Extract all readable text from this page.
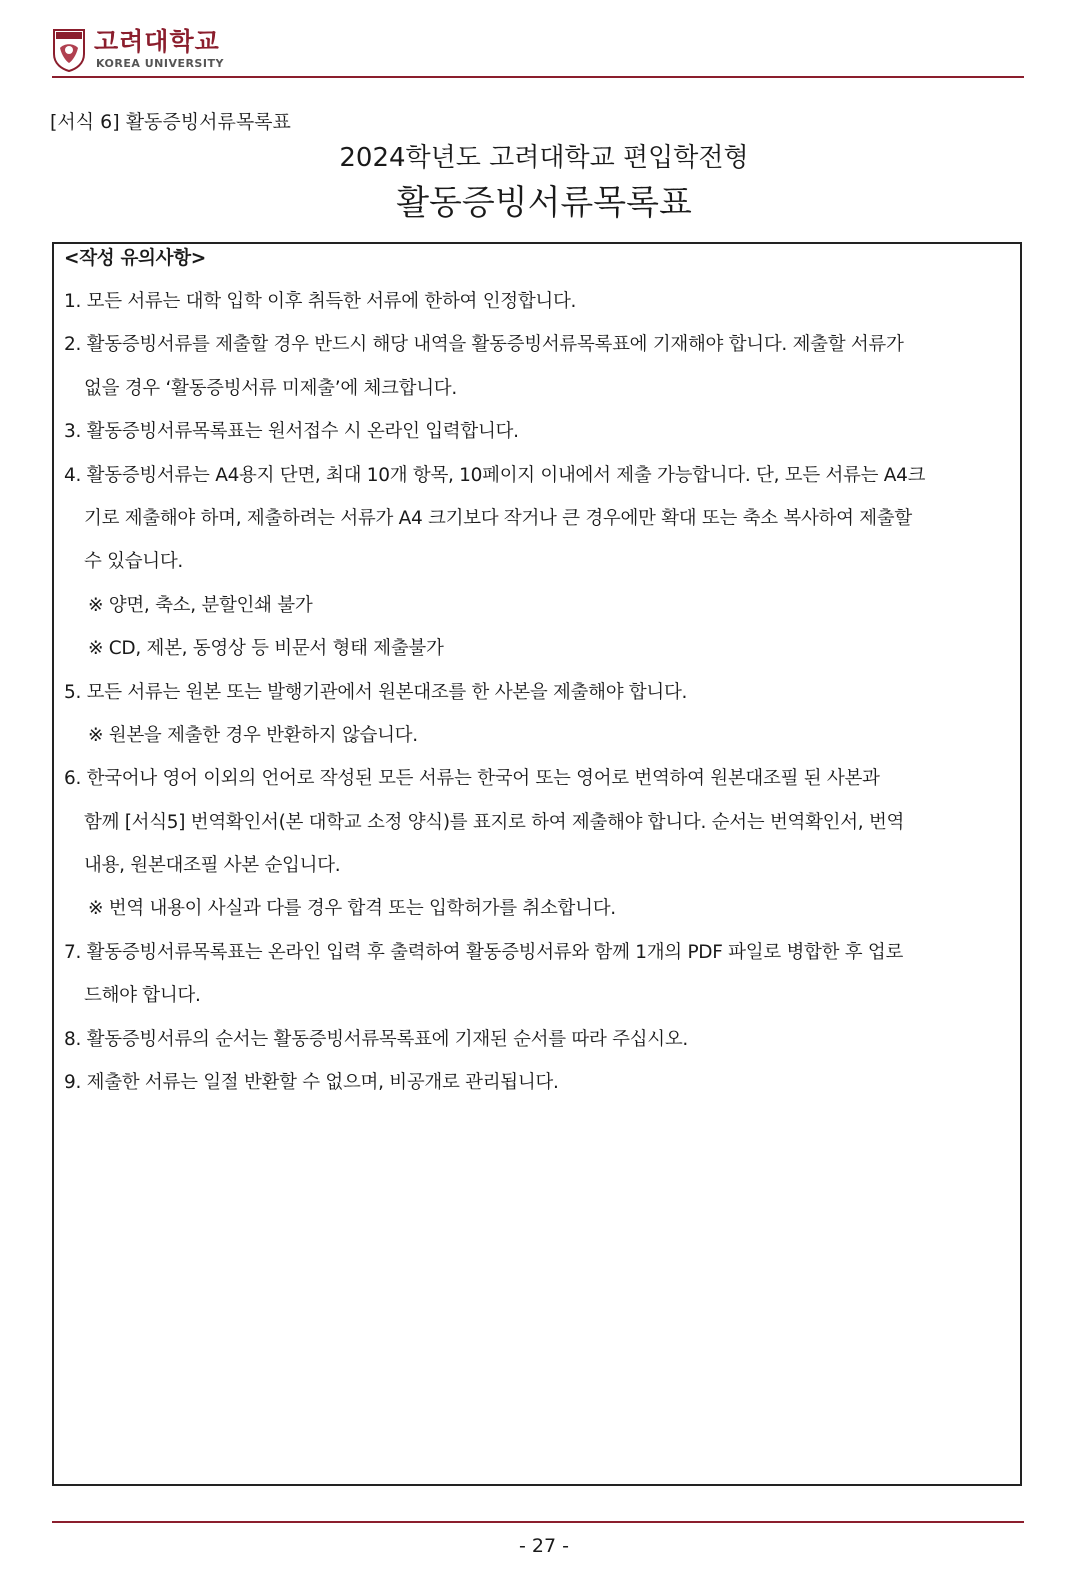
고려대학교
KOREA UNIVERSITY
[서식 6] 활동증빙서류목록표
2024학년도 고려대학교 편입학전형
활동증빙서류목록표
<작성 유의사항>
1. 모든 서류는 대학 입학 이후 취득한 서류에 한하여 인정합니다.
2. 활동증빙서류를 제출할 경우 반드시 해당 내역을 활동증빙서류목록표에 기재해야 합니다. 제출할 서류가
없을 경우 ‘활동증빙서류 미제출’에 체크합니다.
3. 활동증빙서류목록표는 원서접수 시 온라인 입력합니다.
4. 활동증빙서류는 A4용지 단면, 최대 10개 항목, 10페이지 이내에서 제출 가능합니다. 단, 모든 서류는 A4크
기로 제출해야 하며, 제출하려는 서류가 A4 크기보다 작거나 큰 경우에만 확대 또는 축소 복사하여 제출할
수 있습니다.
※ 양면, 축소, 분할인쇄 불가
※ CD, 제본, 동영상 등 비문서 형태 제출불가
5. 모든 서류는 원본 또는 발행기관에서 원본대조를 한 사본을 제출해야 합니다.
※ 원본을 제출한 경우 반환하지 않습니다.
6. 한국어나 영어 이외의 언어로 작성된 모든 서류는 한국어 또는 영어로 번역하여 원본대조필 된 사본과
함께 [서식5] 번역확인서(본 대학교 소정 양식)를 표지로 하여 제출해야 합니다. 순서는 번역확인서, 번역
내용, 원본대조필 사본 순입니다.
※ 번역 내용이 사실과 다를 경우 합격 또는 입학허가를 취소합니다.
7. 활동증빙서류목록표는 온라인 입력 후 출력하여 활동증빙서류와 함께 1개의 PDF 파일로 병합한 후 업로
드해야 합니다.
8. 활동증빙서류의 순서는 활동증빙서류목록표에 기재된 순서를 따라 주십시오.
9. 제출한 서류는 일절 반환할 수 없으며, 비공개로 관리됩니다.
- 27 -
